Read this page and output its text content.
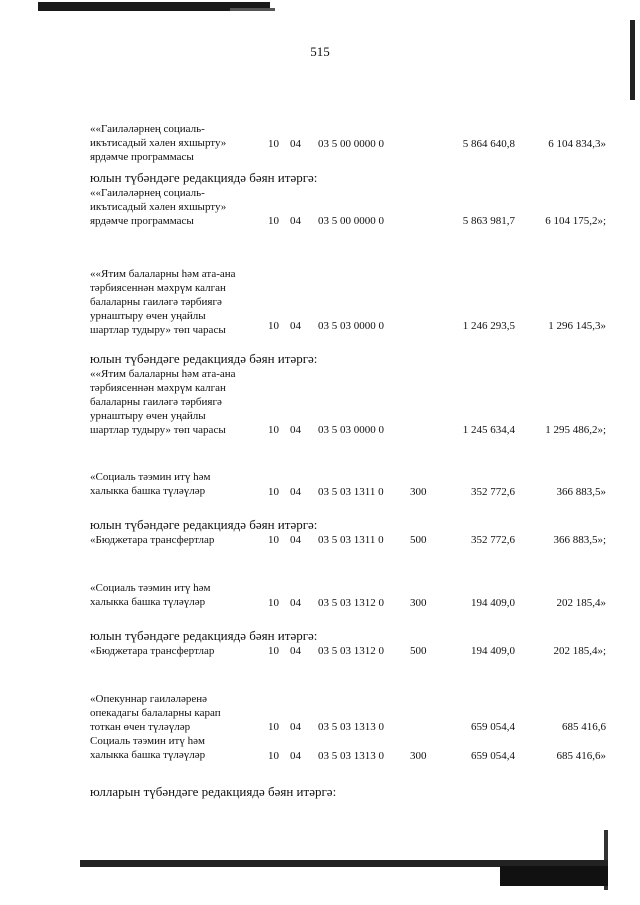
515
««Гаиләләрнең социаль-
икътисадый хәлен яхшырту»
ярдәмче программасы
10 04 03 5 00 0000 0	5 864 640,8	6 104 834,3»
юлын түбәндәге редакциядә бәян итәргә:
««Гаиләләрнең социаль-
икътисадый хәлен яхшырту»
ярдәмче программасы	10 04 03 5 00 0000 0	5 863 981,7	6 104 175,2»;
««Ятим балаларны һәм ата-ана
тәрбиясеннән мәхрүм калган
балаларны гаиләгә тәрбиягә
урнаштыру өчен уңайлы
шартлар тудыру» төп чарасы	10 04 03 5 03 0000 0	1 246 293,5	1 296 145,3»
юлын түбәндәге редакциядә бәян итәргә:
««Ятим балаларны һәм ата-ана
тәрбиясеннән мәхрүм калган
балаларны гаиләгә тәрбиягә
урнаштыру өчен уңайлы
шартлар тудыру» төп чарасы	10 04 03 5 03 0000 0	1 245 634,4	1 295 486,2»;
«Социаль тәэмин итү һәм
халыкка башка түләүләр	10 04 03 5 03 1311 0 300	352 772,6	366 883,5»
юлын түбәндәге редакциядә бәян итәргә:
«Бюджетара трансфертлар	10 04 03 5 03 1311 0 500	352 772,6	366 883,5»;
«Социаль тәэмин итү һәм
халыкка башка түләүләр	10 04 03 5 03 1312 0 300	194 409,0	202 185,4»
юлын түбәндәге редакциядә бәян итәргә:
«Бюджетара трансфертлар	10 04 03 5 03 1312 0 500	194 409,0	202 185,4»;
«Опекуннар гаиләләренә
опекадагы балаларны карап
тоткан өчен түләүләр	10 04 03 5 03 1313 0	659 054,4	685 416,6
Социаль тәэмин итү һәм
халыкка башка түләүләр	10 04 03 5 03 1313 0 300	659 054,4	685 416,6»
юлларын түбәндәге редакциядә бәян итәргә:
